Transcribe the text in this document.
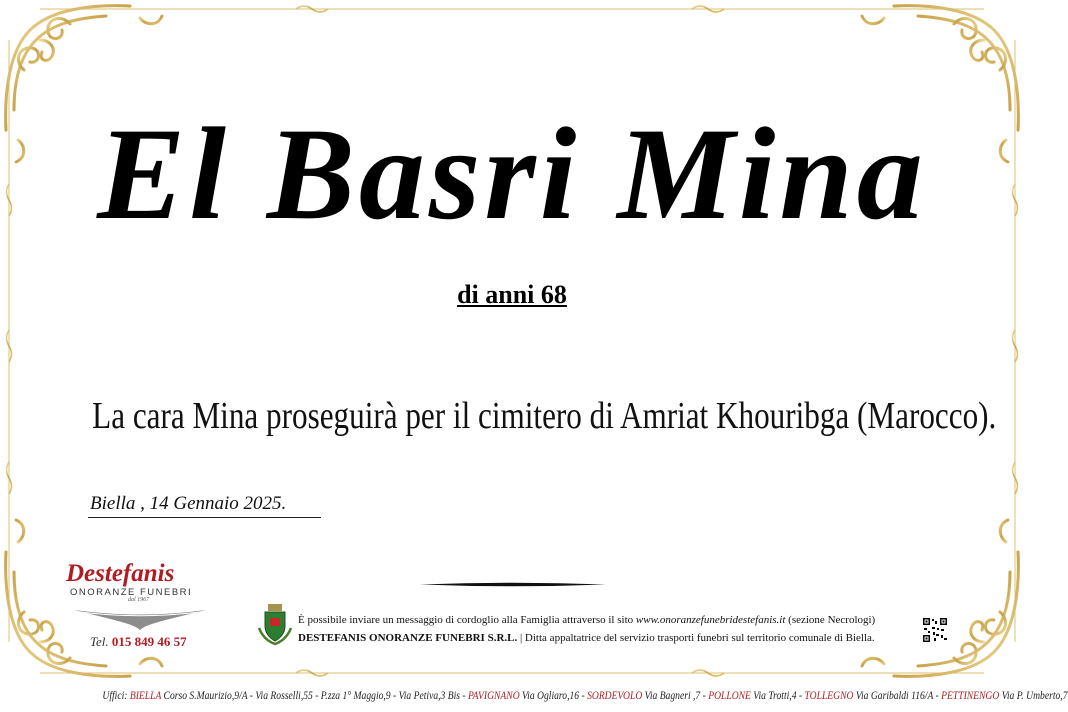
El Basri Mina
di anni 68
La cara Mina proseguirà per il cimitero di Amriat Khouribga (Marocco).
Biella , 14 Gennaio 2025.
Destefanis
ONORANZE FUNEBRI
dal 1967
Tel. 015 849 46 57
È possibile inviare un messaggio di cordoglio alla Famiglia attraverso il sito www.onoranzefunebridestefanis.it (sezione Necrologi)
DESTEFANIS ONORANZE FUNEBRI S.R.L. | Ditta appaltatrice del servizio trasporti funebri sul territorio comunale di Biella.
Uffici: BIELLA Corso S.Maurizio,9/A - Via Rosselli,55 - P.zza 1° Maggio,9 - Via Petiva,3 Bis - PAVIGNANO Via Ogliaro,16 - SORDEVOLO Via Bagneri ,7 - POLLONE Via Trotti,4 - TOLLEGNO Via Garibaldi 116/A - PETTINENGO Via P. Umberto,7
